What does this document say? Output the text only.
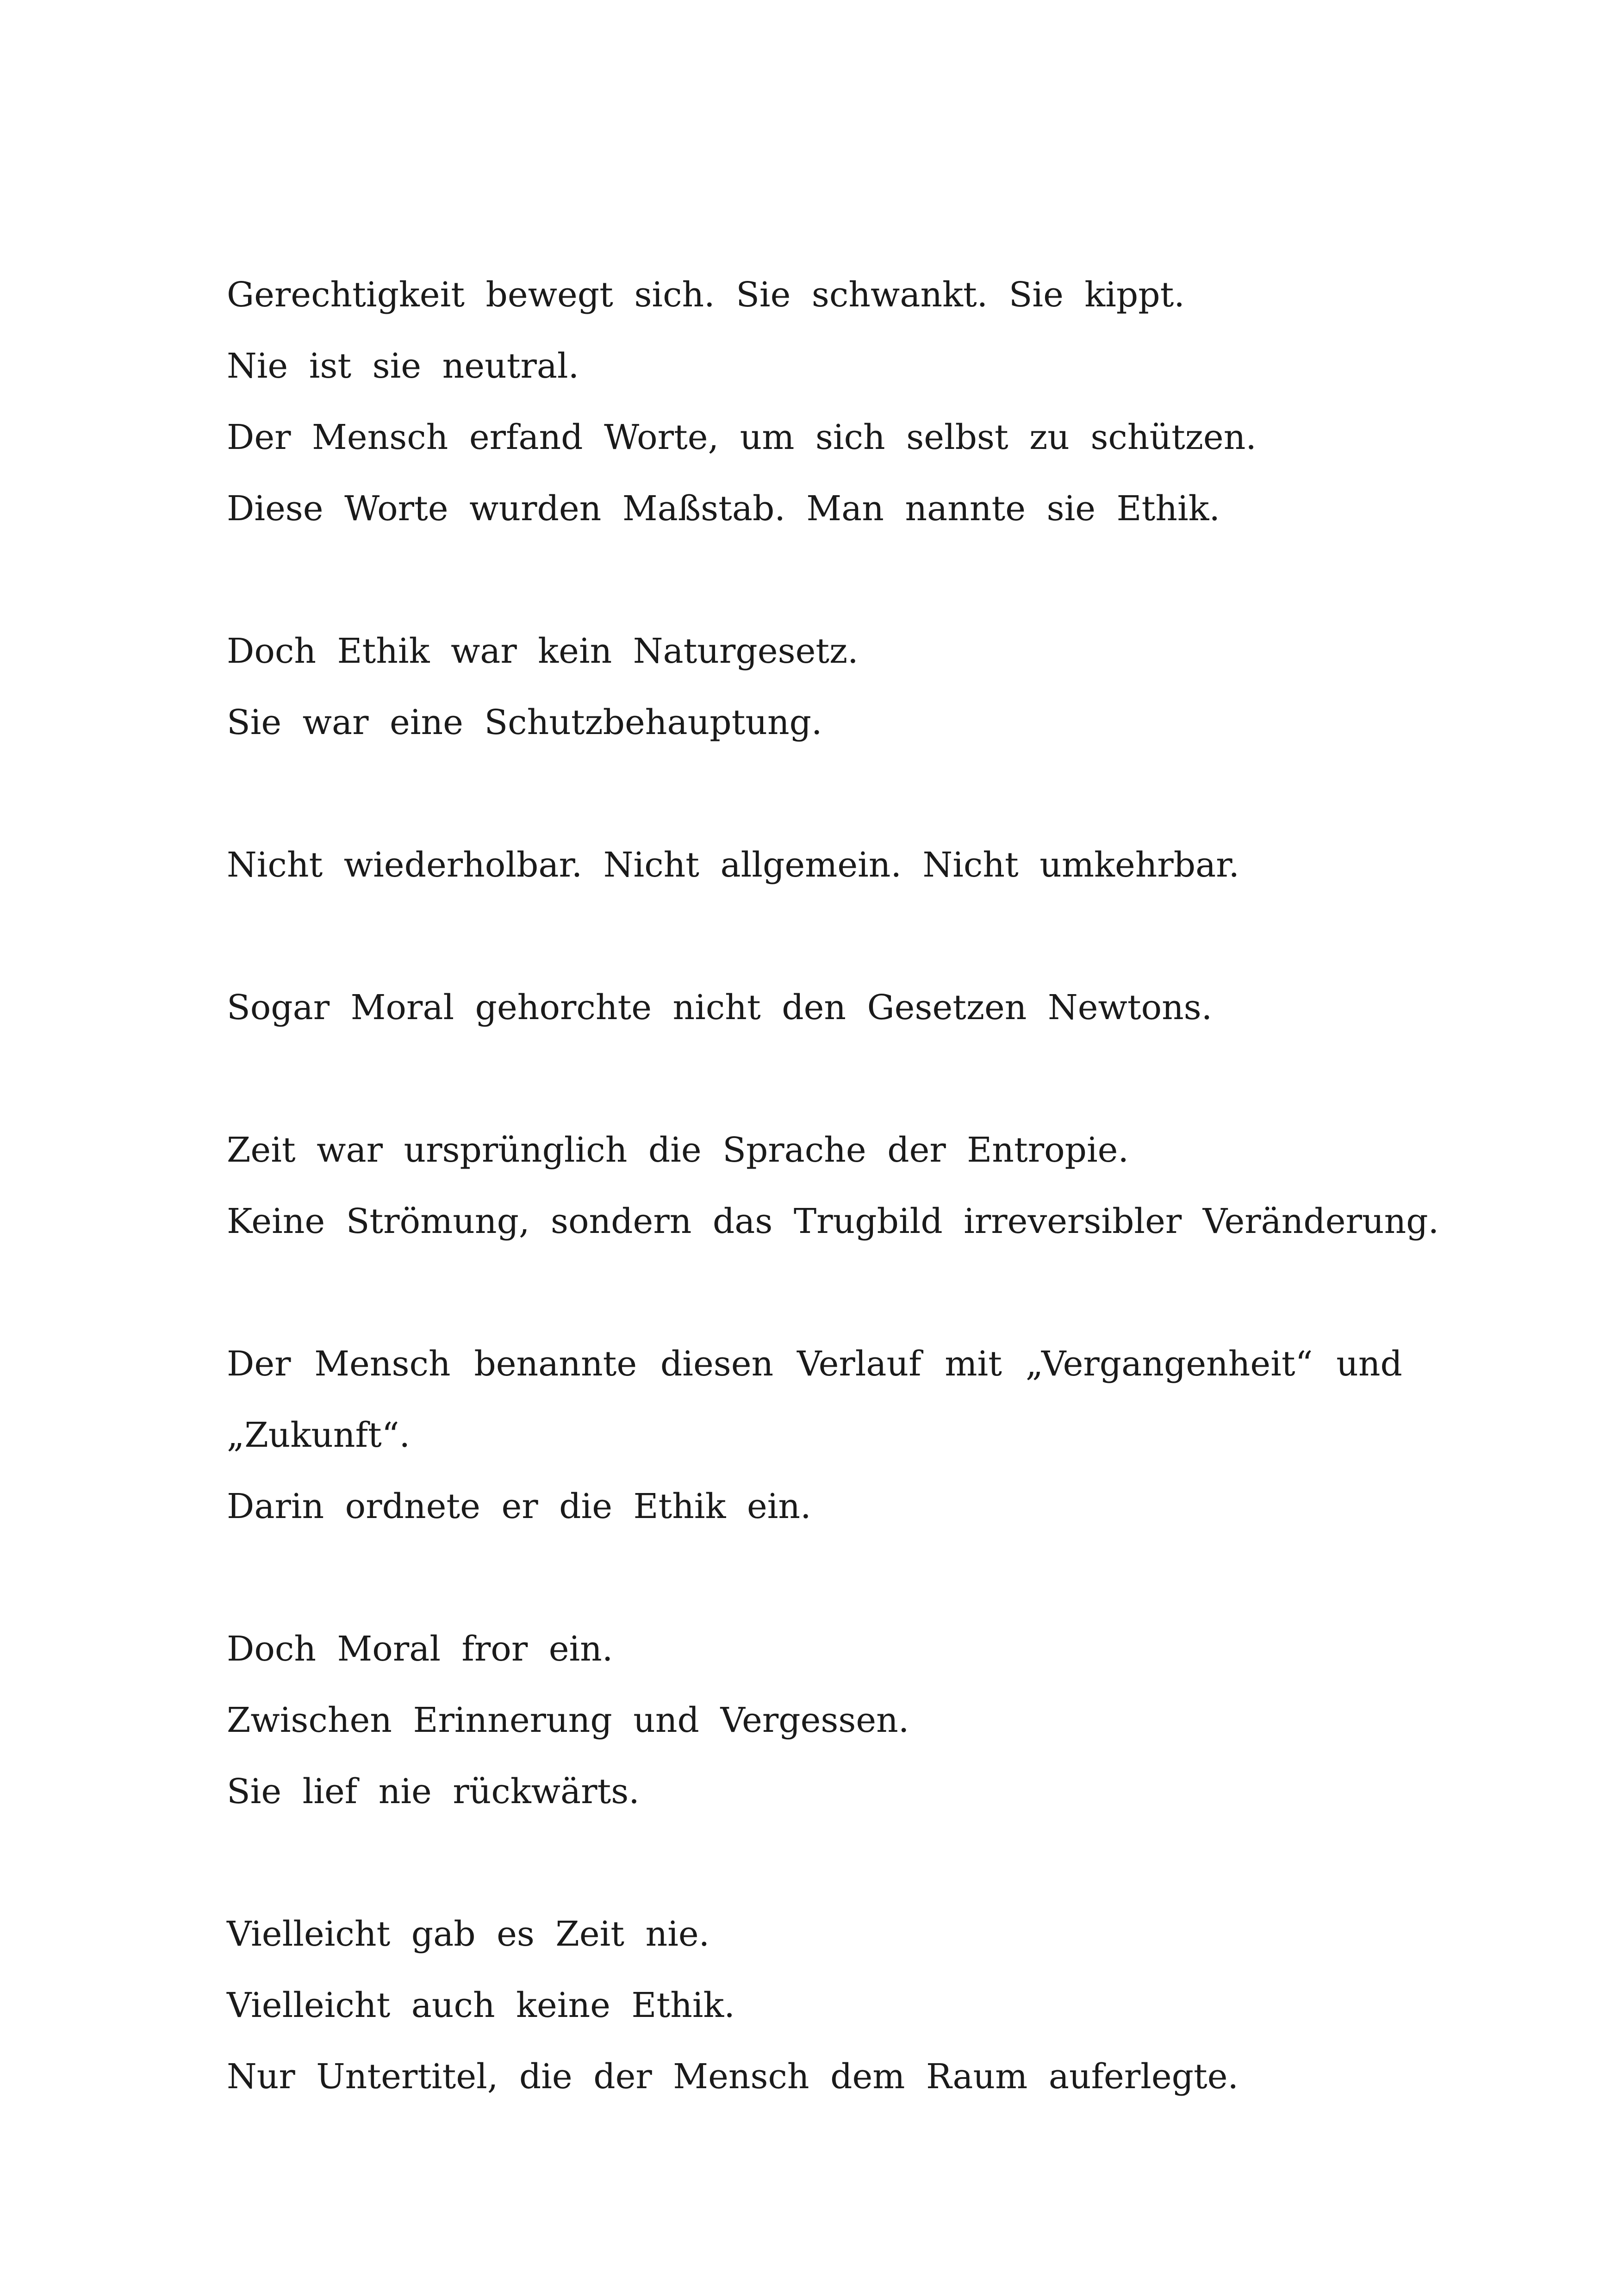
Gerechtigkeit bewegt sich. Sie schwankt. Sie kippt.
Nie ist sie neutral.
Der Mensch erfand Worte, um sich selbst zu schützen.
Diese Worte wurden Maßstab. Man nannte sie Ethik.
Doch Ethik war kein Naturgesetz.
Sie war eine Schutzbehauptung.
Nicht wiederholbar. Nicht allgemein. Nicht umkehrbar.
Sogar Moral gehorchte nicht den Gesetzen Newtons.
Zeit war ursprünglich die Sprache der Entropie.
Keine Strömung, sondern das Trugbild irreversibler Veränderung.
Der Mensch benannte diesen Verlauf mit „Vergangenheit“ und
„Zukunft“.
Darin ordnete er die Ethik ein.
Doch Moral fror ein.
Zwischen Erinnerung und Vergessen.
Sie lief nie rückwärts.
Vielleicht gab es Zeit nie.
Vielleicht auch keine Ethik.
Nur Untertitel, die der Mensch dem Raum auferlegte.
